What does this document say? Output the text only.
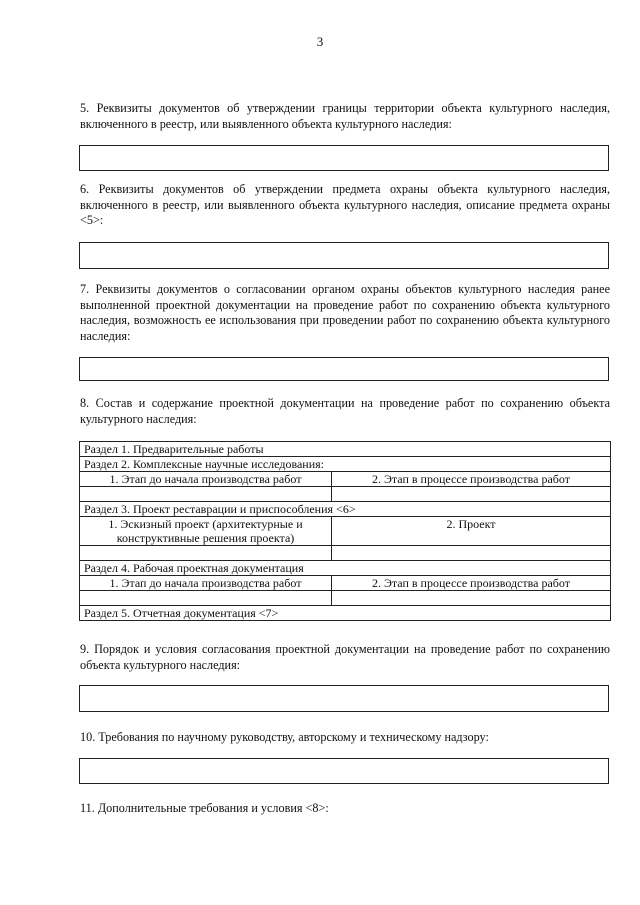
3
5. Реквизиты документов об утверждении границы территории объекта культурного наследия, включенного в реестр, или выявленного объекта культурного наследия:
6. Реквизиты документов об утверждении предмета охраны объекта культурного наследия, включенного в реестр, или выявленного объекта культурного наследия, описание предмета охраны <5>:
7. Реквизиты документов о согласовании органом охраны объектов культурного наследия ранее выполненной проектной документации на проведение работ по сохранению объекта культурного наследия, возможность ее использования при проведении работ по сохранению объекта культурного наследия:
8. Состав и содержание проектной документации на проведение работ по сохранению объекта культурного наследия:
Раздел 1. Предварительные работы	
Раздел 2. Комплексные научные исследования:	
1. Этап до начала производства работ	2. Этап в процессе производства работ

Раздел 3. Проект реставрации и приспособления <6>	
1. Эскизный проект (архитектурные и
конструктивные решения проекта)	2. Проект

Раздел 4. Рабочая проектная документация	
1. Этап до начала производства работ	2. Этап в процессе производства работ

Раздел 5. Отчетная документация <7>	
9. Порядок и условия согласования проектной документации на проведение работ по сохранению объекта культурного наследия:
10. Требования по научному руководству, авторскому и техническому надзору:
11. Дополнительные требования и условия <8>:
